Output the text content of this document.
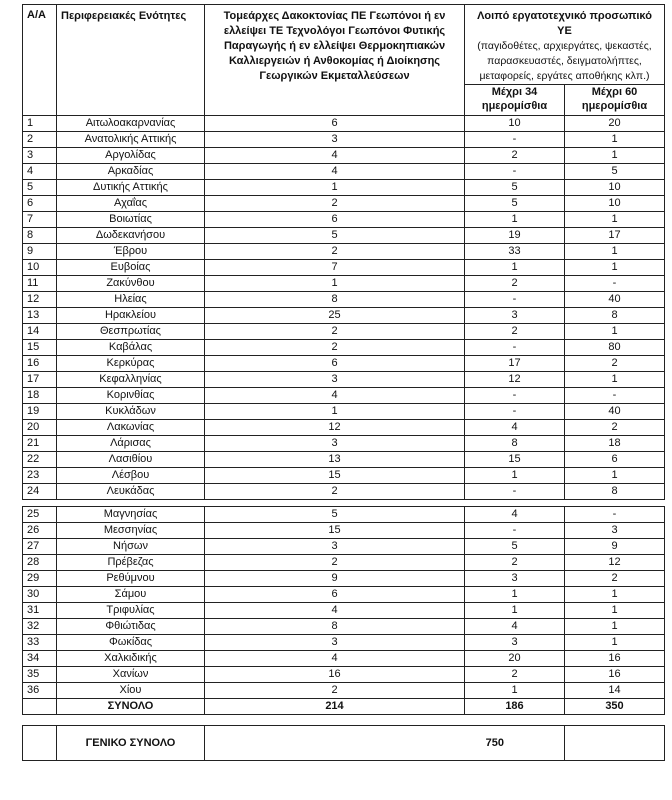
Α/Α	Περιφερειακές Ενότητες	Τομεάρχες Δακοκτονίας ΠΕ Γεωπόνοι ή εν ελλείψει ΤΕ Τεχνολόγοι Γεωπόνοι Φυτικής Παραγωγής ή εν ελλείψει Θερμοκηπιακών Καλλιεργειών ή Ανθοκομίας ή Διοίκησης Γεωργικών Εκμεταλλεύσεων	Λοιπό εργατοτεχνικό προσωπικό ΥΕ
(παγιδοθέτες, αρχιεργάτες, ψεκαστές, παρασκευαστές, δειγματολήπτες, μεταφορείς, εργάτες αποθήκης κλπ.)	

			Μέχρι 34 ημερομίσθια	Μέχρι 60 ημερομίσθια
1	Αιτωλοακαρνανίας	6	10	20
2	Ανατολικής Αττικής	3	-	1
3	Αργολίδας	4	2	1
4	Αρκαδίας	4	-	5
5	Δυτικής Αττικής	1	5	10
6	Αχαΐας	2	5	10
7	Βοιωτίας	6	1	1
8	Δωδεκανήσου	5	19	17
9	Έβρου	2	33	1
10	Ευβοίας	7	1	1
11	Ζακύνθου	1	2	-
12	Ηλείας	8	-	40
13	Ηρακλείου	25	3	8
14	Θεσπρωτίας	2	2	1
15	Καβάλας	2	-	80
16	Κερκύρας	6	17	2
17	Κεφαλληνίας	3	12	1
18	Κορινθίας	4	-	-
19	Κυκλάδων	1	-	40
20	Λακωνίας	12	4	2
21	Λάρισας	3	8	18
22	Λασιθίου	13	15	6
23	Λέσβου	15	1	1
24	Λευκάδας	2	-	8

25	Μαγνησίας	5	4	-
26	Μεσσηνίας	15	-	3
27	Νήσων	3	5	9
28	Πρέβεζας	2	2	12
29	Ρεθύμνου	9	3	2
30	Σάμου	6	1	1
31	Τριφυλίας	4	1	1
32	Φθιώτιδας	8	4	1
33	Φωκίδας	3	3	1
34	Χαλκιδικής	4	20	16
35	Χανίων	16	2	16
36	Χίου	2	1	14
	ΣΥΝΟΛΟ	214	186	350

	ΓΕΝΙΚΟ ΣΥΝΟΛΟ	750		
